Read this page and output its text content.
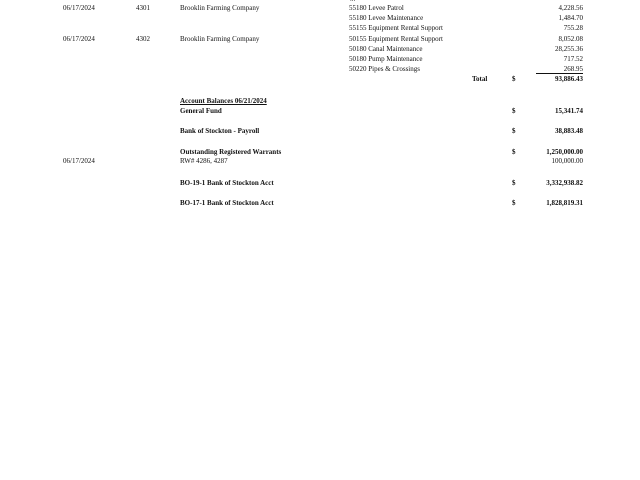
06/17/2024	4301	Brooklin Farming Company	55180 Levee Patrol	4,228.56
55180 Levee Maintenance	1,484.70
55155 Equipment Rental Support	755.28
06/17/2024	4302	Brooklin Farming Company	50155 Equipment Rental Support	8,052.08
50180 Canal Maintenance	28,255.36
50180 Pump Maintenance	717.52
50220 Pipes & Crossings	268.95
Total	$	93,886.43
Account Balances 06/21/2024
General Fund	$	15,341.74
Bank of Stockton - Payroll	$	38,883.48
Outstanding Registered Warrants	$	1,250,000.00
06/17/2024	RW# 4286, 4287	100,000.00
BO-19-1 Bank of Stockton Acct	$	3,332,938.82
BO-17-1 Bank of Stockton Acct	$	1,828,819.31
